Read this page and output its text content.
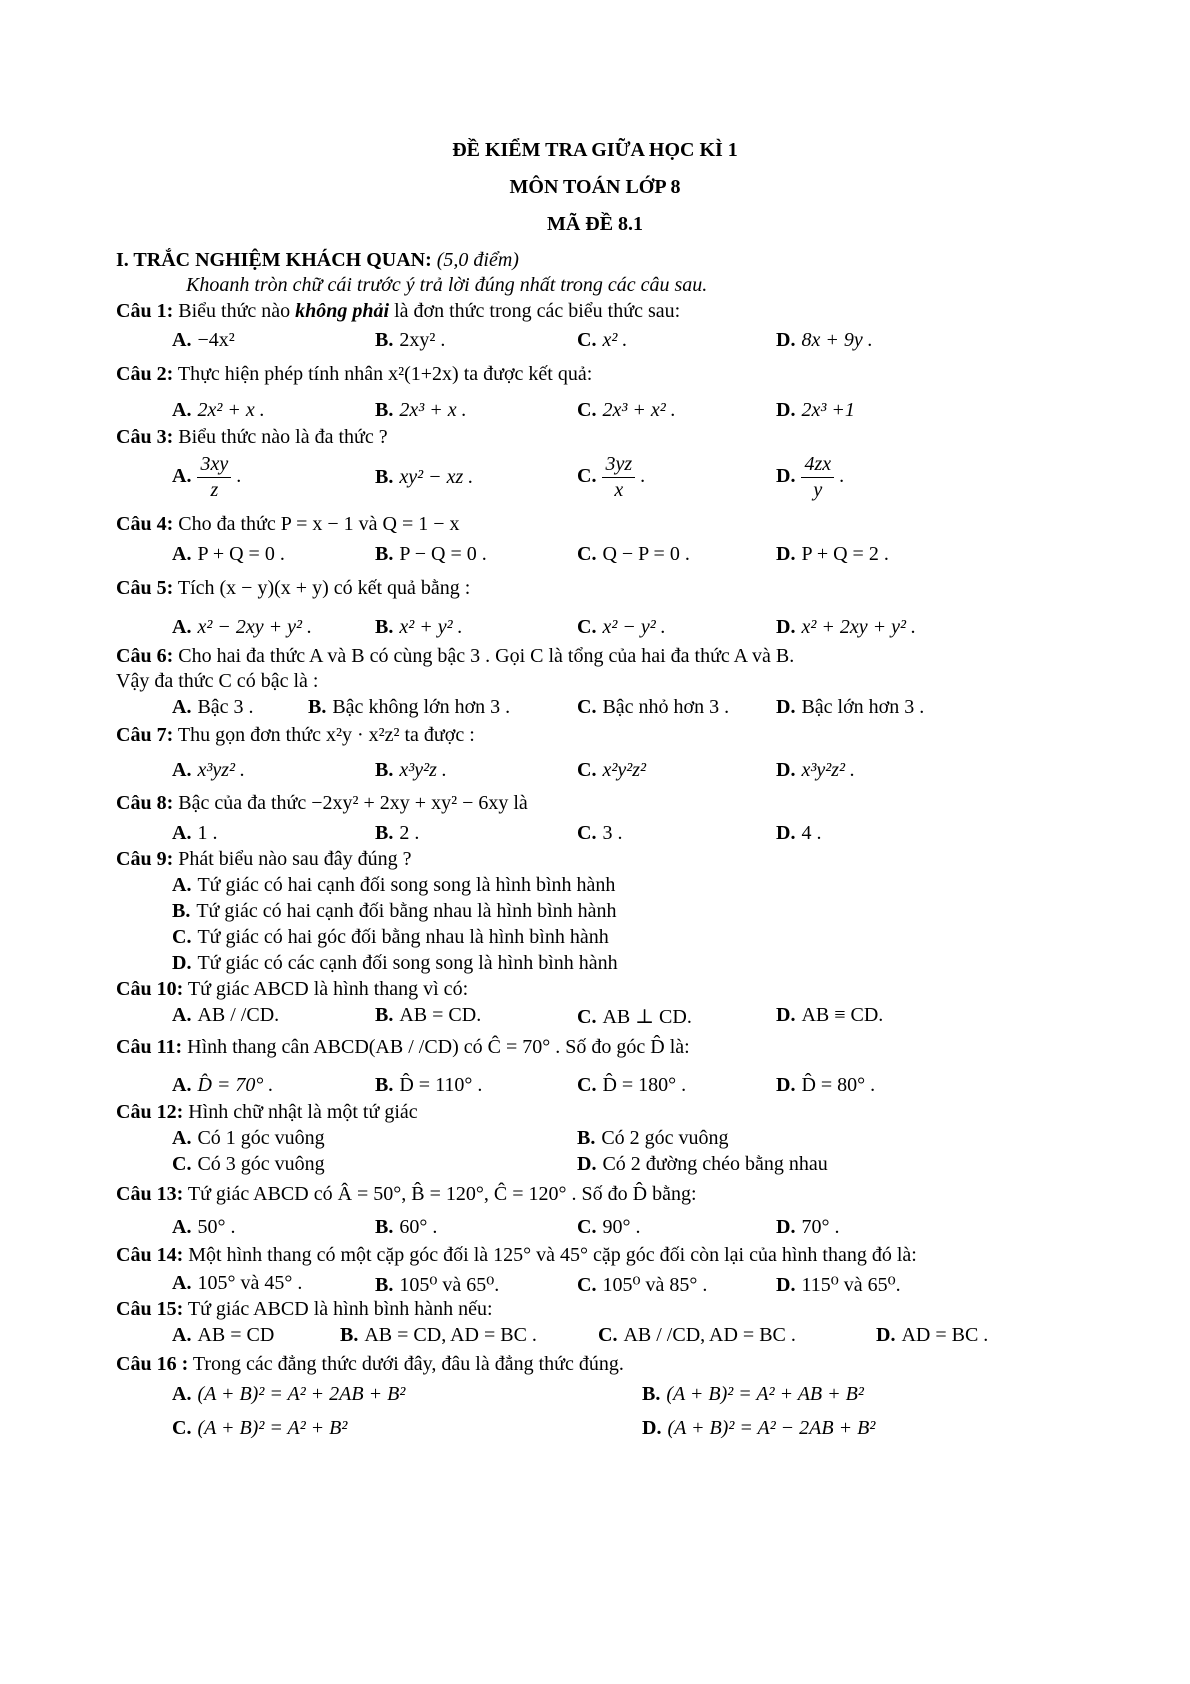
ĐỀ KIỂM TRA GIỮA HỌC KÌ 1
MÔN TOÁN LỚP 8
MÃ ĐỀ 8.1
I. TRẮC NGHIỆM KHÁCH QUAN: (5,0 điểm)
Khoanh tròn chữ cái trước ý trả lời đúng nhất trong các câu sau.
Câu 1: Biểu thức nào không phải là đơn thức trong các biểu thức sau:
A. −4x²	B. 2xy² .	C. x² .	D. 8x + 9y .
Câu 2: Thực hiện phép tính nhân x²(1+2x) ta được kết quả:
A. 2x² + x .	B. 2x³ + x .	C. 2x³ + x² .	D. 2x³ +1
Câu 3: Biểu thức nào là đa thức ?
A. $\frac{3xy}{z}$ .	B. xy² − xz .	C. $\frac{3yz}{x}$ .	D. $\frac{4zx}{y}$ .
Câu 4: Cho đa thức P = x − 1 và Q = 1 − x
A. P + Q = 0 .	B. P − Q = 0 .	C. Q − P = 0 .	D. P + Q = 2 .
Câu 5: Tích (x − y)(x + y) có kết quả bằng :
A. x² − 2xy + y² .	B. x² + y² .	C. x² − y² .	D. x² + 2xy + y² .
Câu 6: Cho hai đa thức A và B có cùng bậc 3 . Gọi C là tổng của hai đa thức A và B.
Vậy đa thức C có bậc là :
A. Bậc 3 .	B. Bậc không lớn hơn 3 .	C. Bậc nhỏ hơn 3 . D. Bậc lớn hơn 3 .
Câu 7: Thu gọn đơn thức x²y · x²z² ta được :
A. x³yz² .	B. x³y²z .	C. x²y²z²	D. x³y²z² .
Câu 8: Bậc của đa thức −2xy² + 2xy + xy² − 6xy là
A. 1 .	B. 2 .	C. 3 .	D. 4 .
Câu 9: Phát biểu nào sau đây đúng ?
A. Tứ giác có hai cạnh đối song song là hình bình hành
B. Tứ giác có hai cạnh đối bằng nhau là hình bình hành
C. Tứ giác có hai góc đối bằng nhau là hình bình hành
D. Tứ giác có các cạnh đối song song là hình bình hành
Câu 10: Tứ giác ABCD là hình thang vì có:
A. AB / /CD.	B. AB = CD.	C. AB ⊥ CD.	D. AB ≡ CD.
Câu 11: Hình thang cân ABCD(AB / /CD) có Ĉ = 70° . Số đo góc D̂ là:
A. D̂ = 70° .	B. D̂ = 110° .	C. D̂ = 180° .	D. D̂ = 80° .
Câu 12: Hình chữ nhật là một tứ giác
A. Có 1 góc vuông	B. Có 2 góc vuông
C. Có 3 góc vuông	D. Có 2 đường chéo bằng nhau
Câu 13: Tứ giác ABCD có Â = 50°, B̂ = 120°, Ĉ = 120° . Số đo D̂ bằng:
A. 50° .	B. 60° .	C. 90° .	D. 70° .
Câu 14: Một hình thang có một cặp góc đối là 125° và 45° cặp góc đối còn lại của hình thang đó là:
A. 105° và 45° .	B. 105⁰ và 65⁰.	C. 105⁰ và 85° .	D. 115⁰ và 65⁰.
Câu 15: Tứ giác ABCD là hình bình hành nếu:
A. AB = CD	B. AB = CD, AD = BC .	C. AB / /CD, AD = BC .	D. AD = BC .
Câu 16 : Trong các đẳng thức dưới đây, đâu là đẳng thức đúng.
A. (A + B)² = A² + 2AB + B²	B. (A + B)² = A² + AB + B²
C. (A + B)² = A² + B²	D. (A + B)² = A² − 2AB + B²
